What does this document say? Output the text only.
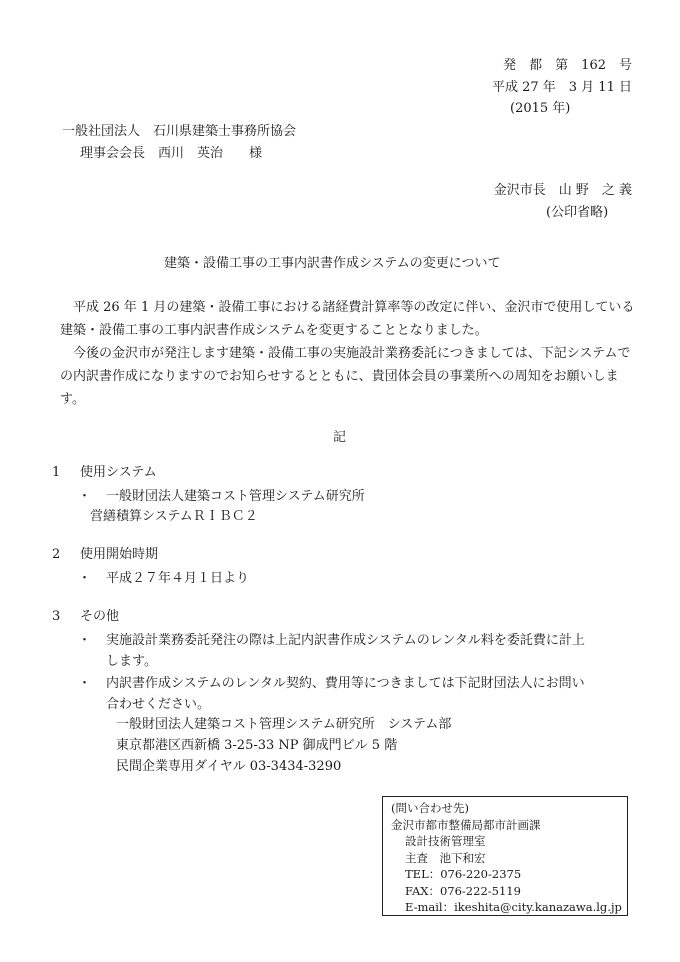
発　都　第　162　号
平成 27 年　3 月 11 日
(2015 年)
一般社団法人　石川県建築士事務所協会
理事会会長　西川　英治　　様
金沢市長　山 野　之 義
(公印省略)
建築・設備工事の工事内訳書作成システムの変更について

平成 26 年 1 月の建築・設備工事における諸経費計算率等の改定に伴い、金沢市で使用している建築・設備工事の工事内訳書作成システムを変更することとなりました。

今後の金沢市が発注します建築・設備工事の実施設計業務委託につきましては、下記システムでの内訳書作成になりますのでお知らせするとともに、貴団体会員の事業所への周知をお願いします。

記
1 使用システム
・	一般財団法人建築コスト管理システム研究所
営繕積算システムＲＩＢＣ２
2 使用開始時期
・	平成２７年４月１日より
3 その他
・	実施設計業務委託発注の際は上記内訳書作成システムのレンタル料を委託費に計上します。
・	内訳書作成システムのレンタル契約、費用等につきましては下記財団法人にお問い合わせください。
一般財団法人建築コスト管理システム研究所　システム部
東京都港区西新橋 3-25-33 NP 御成門ビル 5 階
民間企業専用ダイヤル 03-3434-3290
(問い合わせ先)
金沢市都市整備局都市計画課
設計技術管理室
主査　池下和宏
TEL：076-220-2375
FAX：076-222-5119
E-mail：ikeshita@city.kanazawa.lg.jp
